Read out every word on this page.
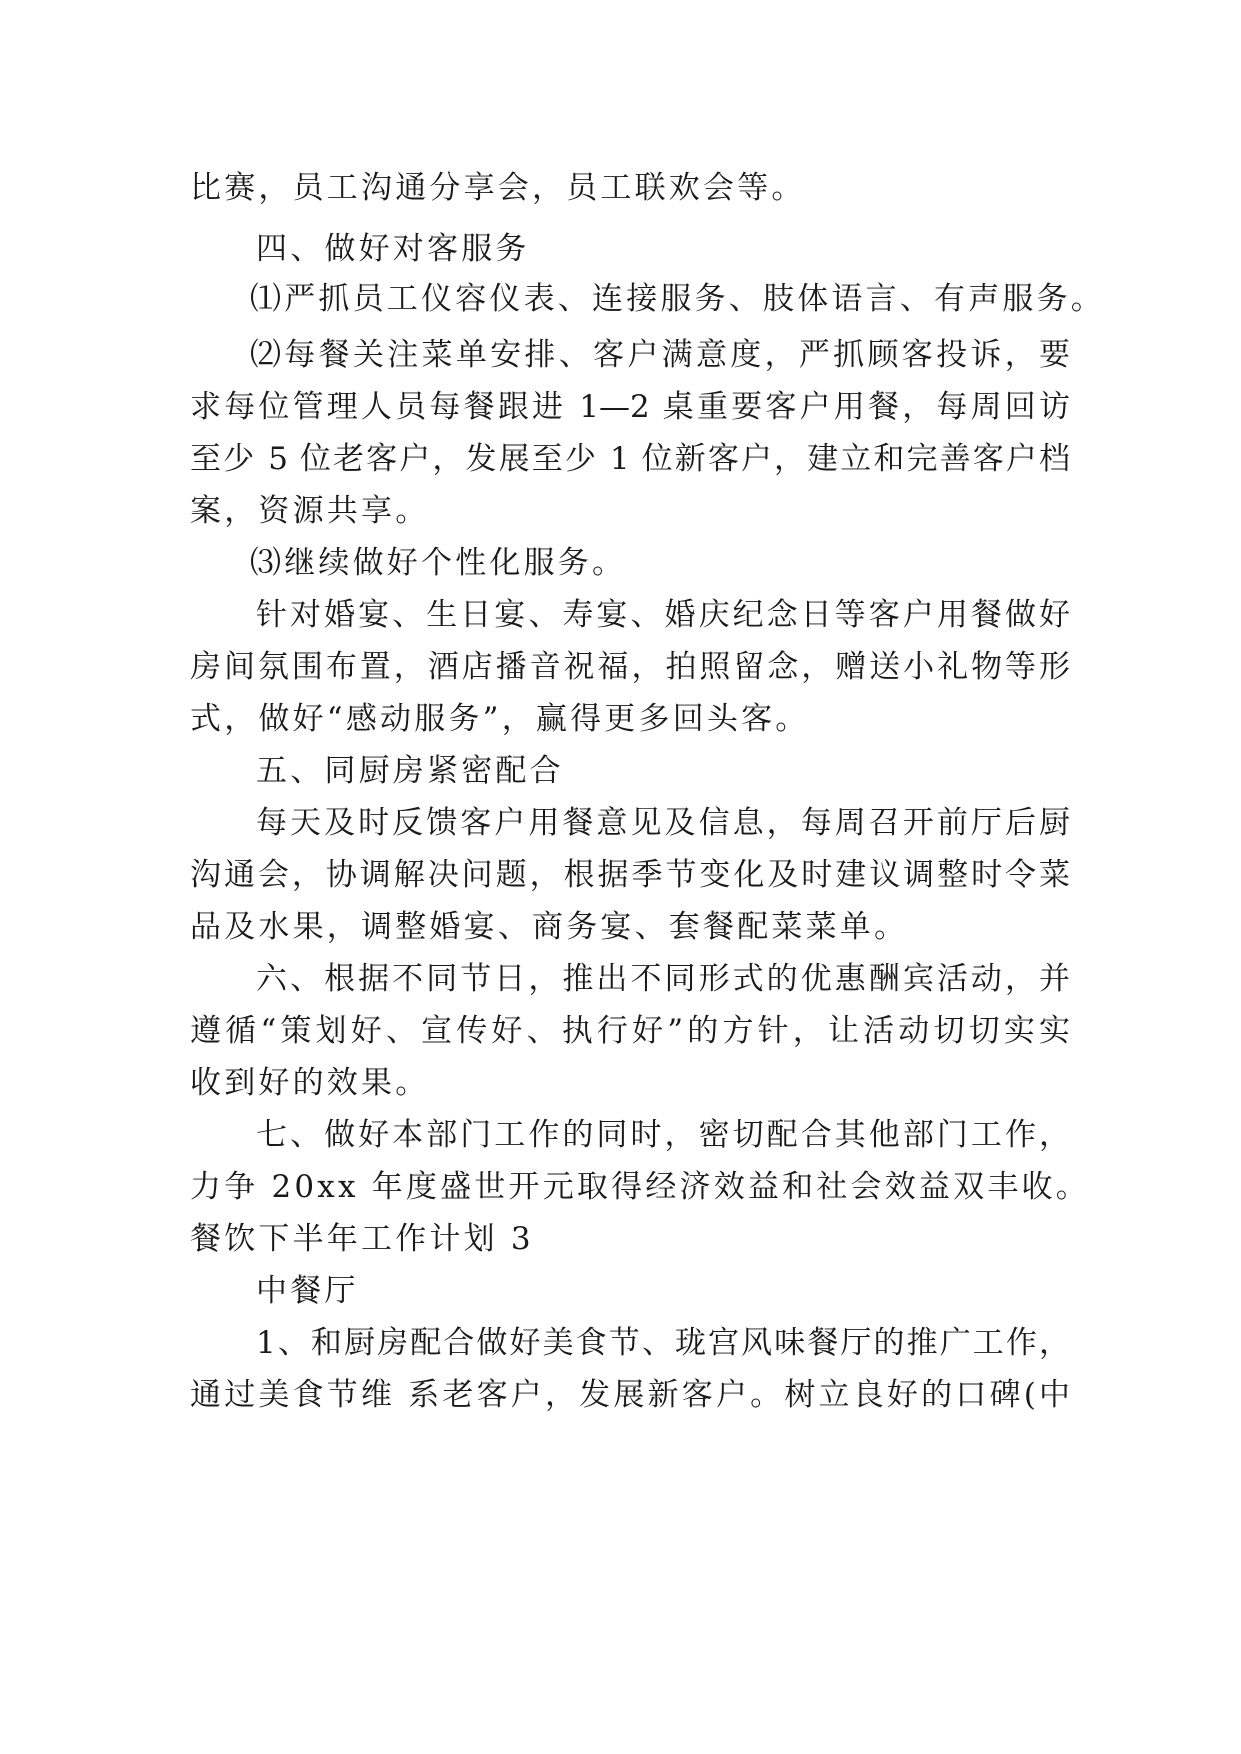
比赛，员工沟通分享会，员工联欢会等。
四、做好对客服务
⑴严抓员工仪容仪表、连接服务、肢体语言、有声服务。
⑵每餐关注菜单安排、客户满意度，严抓顾客投诉，要
求每位管理人员每餐跟进 1—2 桌重要客户用餐，每周回访
至少 5 位老客户，发展至少 1 位新客户，建立和完善客户档
案，资源共享。
⑶继续做好个性化服务。
针对婚宴、生日宴、寿宴、婚庆纪念日等客户用餐做好
房间氛围布置，酒店播音祝福，拍照留念，赠送小礼物等形
式，做好“感动服务”，赢得更多回头客。
五、同厨房紧密配合
每天及时反馈客户用餐意见及信息，每周召开前厅后厨
沟通会，协调解决问题，根据季节变化及时建议调整时令菜
品及水果，调整婚宴、商务宴、套餐配菜菜单。
六、根据不同节日，推出不同形式的优惠酬宾活动，并
遵循“策划好、宣传好、执行好”的方针，让活动切切实实
收到好的效果。
七、做好本部门工作的同时，密切配合其他部门工作，
力争 20xx 年度盛世开元取得经济效益和社会效益双丰收。
餐饮下半年工作计划 3
中餐厅
1、和厨房配合做好美食节、珑宫风味餐厅的推广工作，
通过美食节维 系老客户，发展新客户。树立良好的口碑(中
